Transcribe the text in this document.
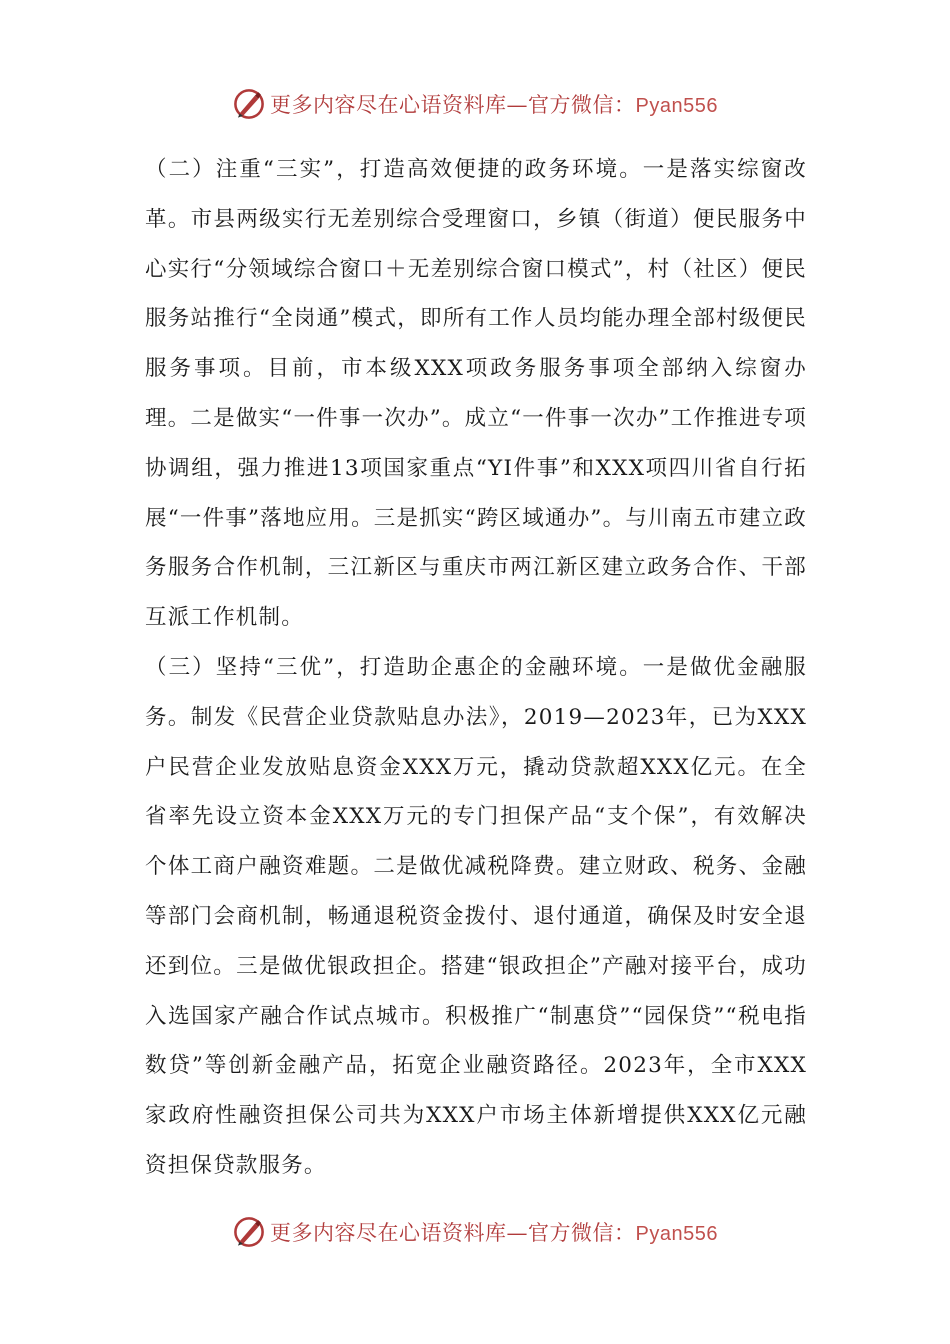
更多内容尽在心语资料库—官方微信：Pyan556

（二）注重“三实”，打造高效便捷的政务环境。一是落实综窗改革。市县两级实行无差别综合受理窗口，乡镇（街道）便民服务中心实行“分领域综合窗口＋无差别综合窗口模式”，村（社区）便民服务站推行“全岗通”模式，即所有工作人员均能办理全部村级便民服务事项。目前，市本级XXX项政务服务事项全部纳入综窗办理。二是做实“一件事一次办”。成立“一件事一次办”工作推进专项协调组，强力推进13项国家重点“YI件事”和XXX项四川省自行拓展“一件事”落地应用。三是抓实“跨区域通办”。与川南五市建立政务服务合作机制，三江新区与重庆市两江新区建立政务合作、干部互派工作机制。

（三）坚持“三优”，打造助企惠企的金融环境。一是做优金融服务。制发《民营企业贷款贴息办法》，2019—2023年，已为XXX户民营企业发放贴息资金XXX万元，撬动贷款超XXX亿元。在全省率先设立资本金XXX万元的专门担保产品“支个保”，有效解决个体工商户融资难题。二是做优减税降费。建立财政、税务、金融等部门会商机制，畅通退税资金拨付、退付通道，确保及时安全退还到位。三是做优银政担企。搭建“银政担企”产融对接平台，成功入选国家产融合作试点城市。积极推广“制惠贷”“园保贷”“税电指数贷”等创新金融产品，拓宽企业融资路径。2023年，全市XXX家政府性融资担保公司共为XXX户市场主体新增提供XXX亿元融资担保贷款服务。

更多内容尽在心语资料库—官方微信：Pyan556
